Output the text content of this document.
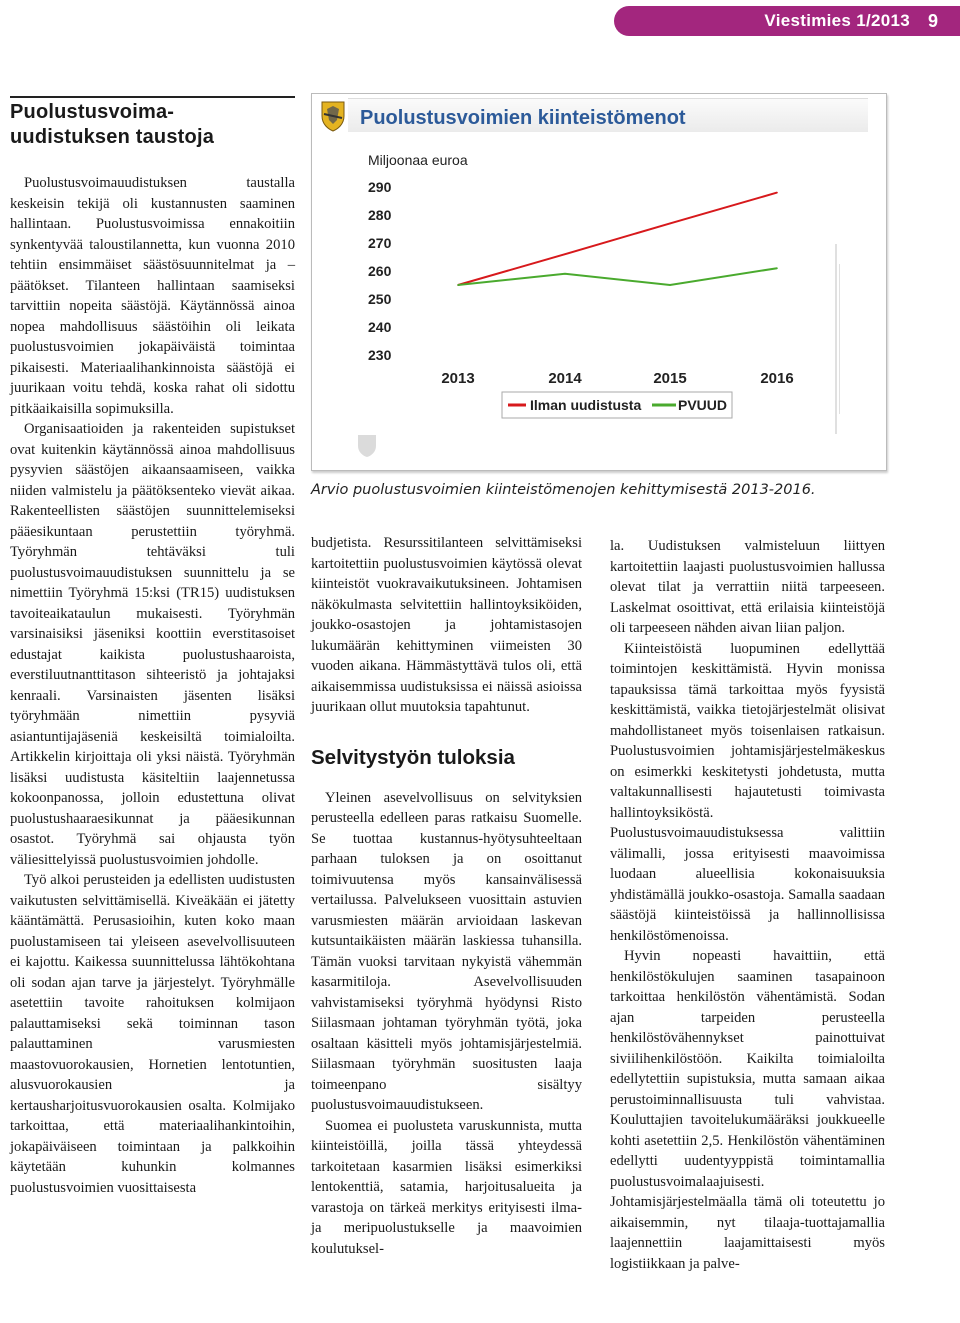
Viestimies 1/2013 9
Puolustusvoima-
uudistuksen taustoja

Puolustusvoimauudistuksen taustalla keskeisin tekijä oli kustannusten saaminen hallintaan. Puolustusvoimissa ennakoitiin synkentyvää taloustilannetta, kun vuonna 2010 tehtiin ensimmäiset säästösuunnitelmat ja –päätökset. Tilanteen hallintaan saamiseksi tarvittiin nopeita säästöjä. Käytännössä ainoa nopea mahdollisuus säästöihin oli leikata puolustusvoimien jokapäiväistä toimintaa pikaisesti. Materiaalihankinnoista säästöjä ei juurikaan voitu tehdä, koska rahat oli sidottu pitkäaikaisilla sopimuksilla.

Organisaatioiden ja rakenteiden supistukset ovat kuitenkin käytännössä ainoa mahdollisuus pysyvien säästöjen aikaansaamiseen, vaikka niiden valmistelu ja päätöksenteko vievät aikaa. Rakenteellisten säästöjen suunnittelemiseksi pääesikuntaan perustettiin työryhmä. Työryhmän tehtäväksi tuli puolustusvoimauudistuksen suunnittelu ja se nimettiin Työryhmä 15:ksi (TR15) uudistuksen tavoiteaikataulun mukaisesti. Työryhmän varsinaisiksi jäseniksi koottiin everstitasoiset edustajat kaikista puolustushaaroista, everstiluutnanttitason sihteeristö ja johtajaksi kenraali. Varsinaisten jäsenten lisäksi työryhmään nimettiin pysyviä asiantuntijajäseniä keskeisiltä toimialoilta. Artikkelin kirjoittaja oli yksi näistä. Työryhmän lisäksi uudistusta käsiteltiin laajennetussa kokoonpanossa, jolloin edustettuna olivat puolustushaaraesikunnat ja pääesikunnan osastot. Työryhmä sai ohjausta työn väliesittelyissä puolustusvoimien johdolle.

Työ alkoi perusteiden ja edellisten uudistusten vaikutusten selvittämisellä. Kiveäkään ei jätetty kääntämättä. Perusasioihin, kuten koko maan puolustamiseen tai yleiseen asevelvollisuuteen ei kajottu. Kaikessa suunnittelussa lähtökohtana oli sodan ajan tarve ja järjestelyt. Työryhmälle asetettiin tavoite rahoituksen kolmijaon palauttamiseksi sekä toiminnan tason palauttaminen varusmiesten maastovuorokausien, Hornetien lentotuntien, alusvuorokausien ja kertausharjoitusvuorokausien osalta. Kolmijako tarkoittaa, että materiaalihankintoihin, jokapäiväiseen toimintaan ja palkkoihin käytetään kuhunkin kolmannes puolustusvoimien vuosittaisesta

Puolustusvoimien kiinteistömenot
Miljoonaa euroa
290
280
270
260
250
240
230
2013	2014	2015	2016
Ilman uudistusta	PVUUD
Arvio puolustusvoimien kiinteistömenojen kehittymisestä 2013-2016.

budjetista. Resurssitilanteen selvittämiseksi kartoitettiin puolustusvoimien käytössä olevat kiinteistöt vuokravaikutuksineen. Johtamisen näkökulmasta selvitettiin hallintoyksiköiden, joukko-osastojen ja johtamistasojen lukumäärän kehittyminen viimeisten 30 vuoden aikana. Hämmästyttävä tulos oli, että aikaisemmissa uudistuksissa ei näissä asioissa juurikaan ollut muutoksia tapahtunut.

Selvitystyön tuloksia

Yleinen asevelvollisuus on selvityksien perusteella edelleen paras ratkaisu Suomelle. Se tuottaa kustannus-hyötysuhteeltaan parhaan tuloksen ja on osoittanut toimivuutensa myös kansainvälisessä vertailussa. Palvelukseen vuosittain astuvien varusmiesten määrän arvioidaan laskevan kutsuntaikäisten määrän laskiessa tuhansilla. Tämän vuoksi tarvitaan nykyistä vähemmän kasarmitiloja. Asevelvollisuuden vahvistamiseksi työryhmä hyödynsi Risto Siilasmaan johtaman työryhmän työtä, joka osaltaan käsitteli myös johtamisjärjestelmiä. Siilasmaan työryhmän suositusten laaja toimeenpano sisältyy puolustusvoimauudistukseen.

Suomea ei puolusteta varuskunnista, mutta kiinteistöillä, joilla tässä yhteydessä tarkoitetaan kasarmien lisäksi esimerkiksi lentokenttiä, satamia, harjoitusalueita ja varastoja on tärkeä merkitys erityisesti ilma- ja meripuolustukselle ja maavoimien koulutuksel-

la. Uudistuksen valmisteluun liittyen kartoitettiin laajasti puolustusvoimien hallussa olevat tilat ja verrattiin niitä tarpeeseen. Laskelmat osoittivat, että erilaisia kiinteistöjä oli tarpeeseen nähden aivan liian paljon.

Kiinteistöistä luopuminen edellyttää toimintojen keskittämistä. Hyvin monissa tapauksissa tämä tarkoittaa myös fyysistä keskittämistä, vaikka tietojärjestelmät olisivat mahdollistaneet myös toisenlaisen ratkaisun. Puolustusvoimien johtamisjärjestelmäkeskus on esimerkki keskitetysti johdetusta, mutta valtakunnallisesti hajautetusti toimivasta hallintoyksiköstä. Puolustusvoimauudistuksessa valittiin välimalli, jossa erityisesti maavoimissa luodaan alueellisia kokonaisuuksia yhdistämällä joukko-osastoja. Samalla saadaan säästöjä kiinteistöissä ja hallinnollisissa henkilöstömenoissa.

Hyvin nopeasti havaittiin, että henkilöstökulujen saaminen tasapainoon tarkoittaa henkilöstön vähentämistä. Sodan ajan tarpeiden perusteella henkilöstövähennykset painottuivat siviilihenkilöstöön. Kaikilta toimialoilta edellytettiin supistuksia, mutta samaan aikaa perustoiminnallisuusta tuli vahvistaa. Kouluttajien tavoitelukumääräksi joukkueelle kohti asetettiin 2,5. Henkilöstön vähentäminen edellytti uudentyyppistä toimintamallia puolustusvoimalaajuisesti. Johtamisjärjestelmäalla tämä oli toteutettu jo aikaisemmin, nyt tilaaja-tuottajamallia laajennettiin laajamittaisesti myös logistiikkaan ja palve-
